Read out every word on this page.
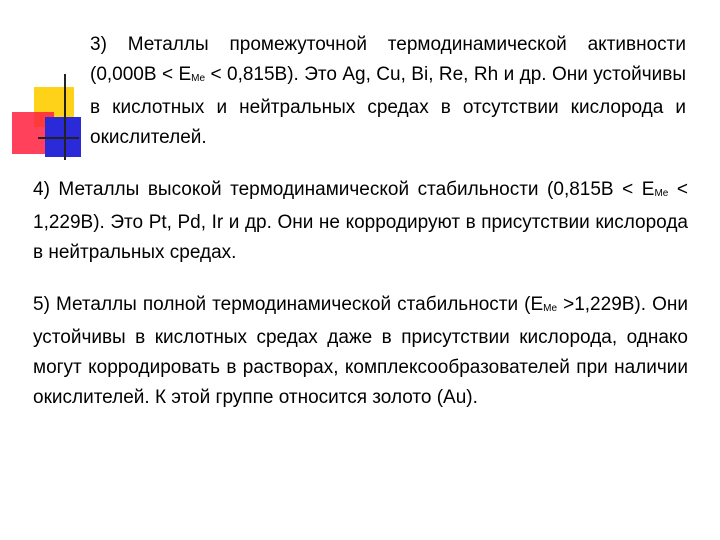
3) Металлы промежуточной термодинамической активности $(0,000В < Е_{Me} < 0,815В)$. Это Ag, Cu, Bi, Re, Rh и др. Они устойчивы в кислотных и нейтральных средах в отсутствии кислорода и окислителей.

4) Металлы высокой термодинамической стабильности $(0,815В < Е_{Me} < 1,229В)$. Это Pt, Pd, Ir и др. Они не корродируют в присутствии кислорода в нейтральных средах.

5) Металлы полной термодинамической стабильности $(Е_{Me} >1,229В)$. Они устойчивы в кислотных средах даже в присутствии кислорода, однако могут корродировать в растворах, комплексообразователей при наличии окислителей. К этой группе относится золото (Au).
